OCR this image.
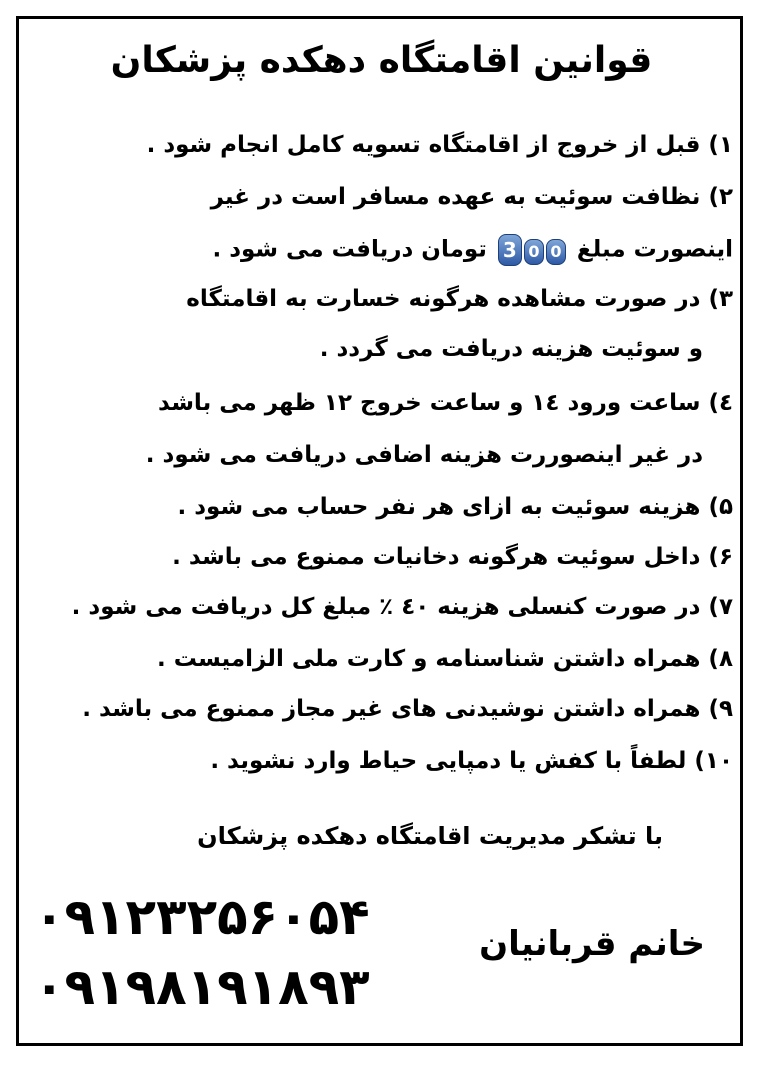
قوانین اقامتگاه دهکده پزشکان
۱) قبل از خروج از اقامتگاه تسویه کامل انجام شود .
۲) نظافت سوئیت به عهده مسافر است در غیر
اینصورت مبلغ 3 0 0 تومان دریافت می شود .
۳) در صورت مشاهده هرگونه خسارت به اقامتگاه
و سوئیت هزینه دریافت می گردد .
٤) ساعت ورود ١٤ و ساعت خروج ١٢ ظهر می باشد
در غیر اینصوررت هزینه اضافی دریافت می شود .
۵) هزینه سوئیت به ازای هر نفر حساب می شود .
۶) داخل سوئیت هرگونه دخانیات ممنوع می باشد .
۷) در صورت کنسلی هزینه ٤٠ ٪ مبلغ کل دریافت می شود .
۸) همراه داشتن شناسنامه و کارت ملی الزامیست .
۹) همراه داشتن نوشیدنی های غیر مجاز ممنوع می باشد .
۱۰) لطفاً با کفش یا دمپایی حیاط وارد نشوید .
با تشکر مدیریت اقامتگاه دهکده پزشکان
۰۹۱۲۳۲۵۶۰۵۴
۰۹۱۹۸۱۹۱۸۹۳
خانم قربانیان
